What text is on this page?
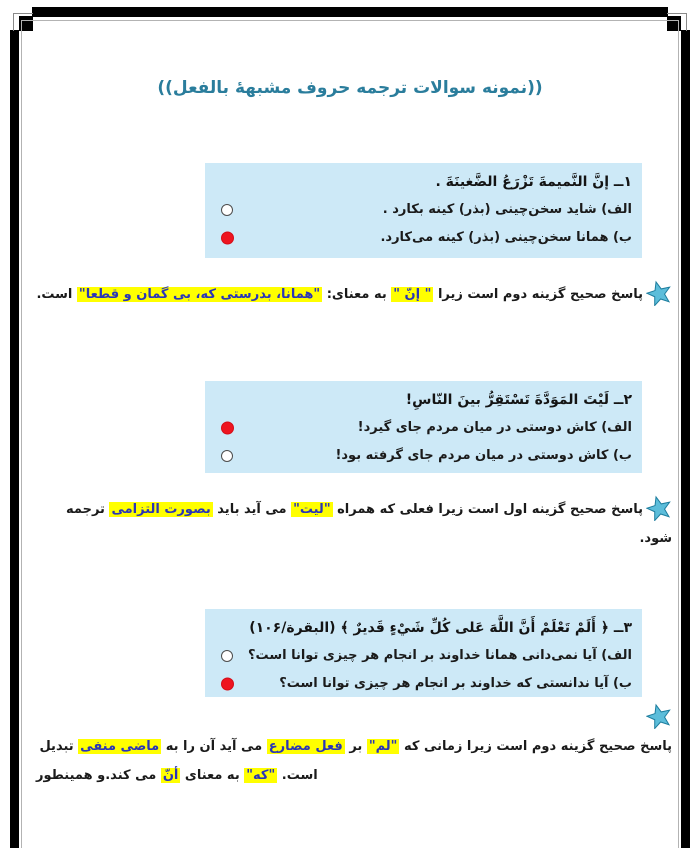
((نمونه سوالات ترجمه حروف مشبهۀ بالفعل))
١ــ إنَّ النَّميمةَ تَزْرَعُ الضَّغينَةَ .
الف) شاید سخن‌چینی (بذر) کینه بکارد .
ب) همانا سخن‌چینی (بذر) کینه می‌کارد.
پاسخ صحیح گزینه دوم است زیرا " إنّ " به معنای: "همانا، بدرستی که، بی گمان و قطعا" است.
٢ــ لَيْتَ المَوَدَّةَ تَسْتَقِرُّ بينَ النّاسِ!
الف) کاش دوستی در میان مردم جای گیرد!
ب) کاش دوستی در میان مردم جای گرفته بود!
پاسخ صحیح گزینه اول است زیرا فعلی که همراه "لیت" می آید باید بصورت التزامی ترجمه
شود.
٣ــ ﴿ أَلَمْ تَعْلَمْ أَنَّ اللَّهَ عَلى كُلِّ شَيْءٍ قَديرٌ ﴾ (البقرة/۱۰۶)
الف) آیا نمی‌دانی همانا خداوند بر انجام هر چیزی توانا است؟
ب) آیا ندانستی که خداوند بر انجام هر چیزی توانا است؟
پاسخ صحیح گزینه دوم است زیرا زمانی که "لم" بر فعل مضارع می آید آن را به ماضی منفی تبدیل
می کند.و همینطور أنّ به معنای "که" است.
